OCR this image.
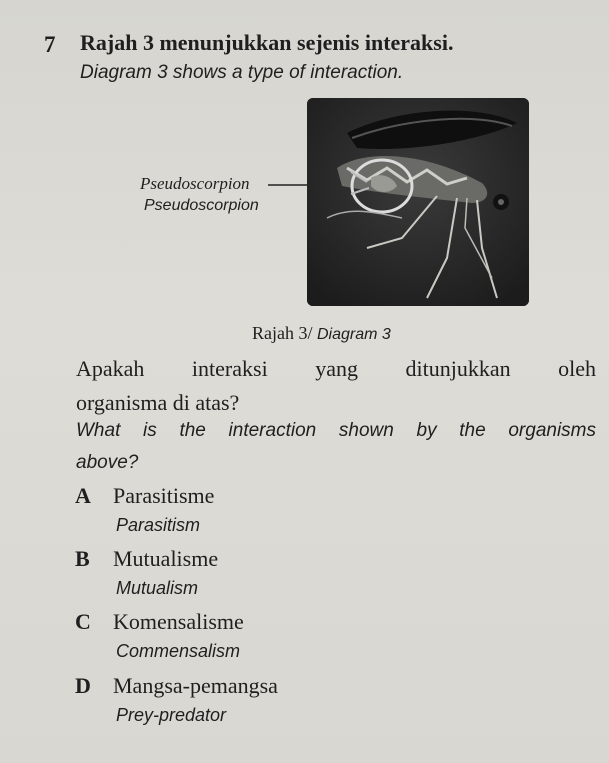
7 Rajah 3 menunjukkan sejenis interaksi.
Diagram 3 shows a type of interaction.
Pseudoscorpion
Pseudoscorpion
Rajah 3/ Diagram 3
Apakah interaksi yang ditunjukkan oleh
organisma di atas?
What is the interaction shown by the organisms
above?
A Parasitisme
Parasitism
B Mutualisme
Mutualism
C Komensalisme
Commensalism
D Mangsa-pemangsa
Prey-predator
